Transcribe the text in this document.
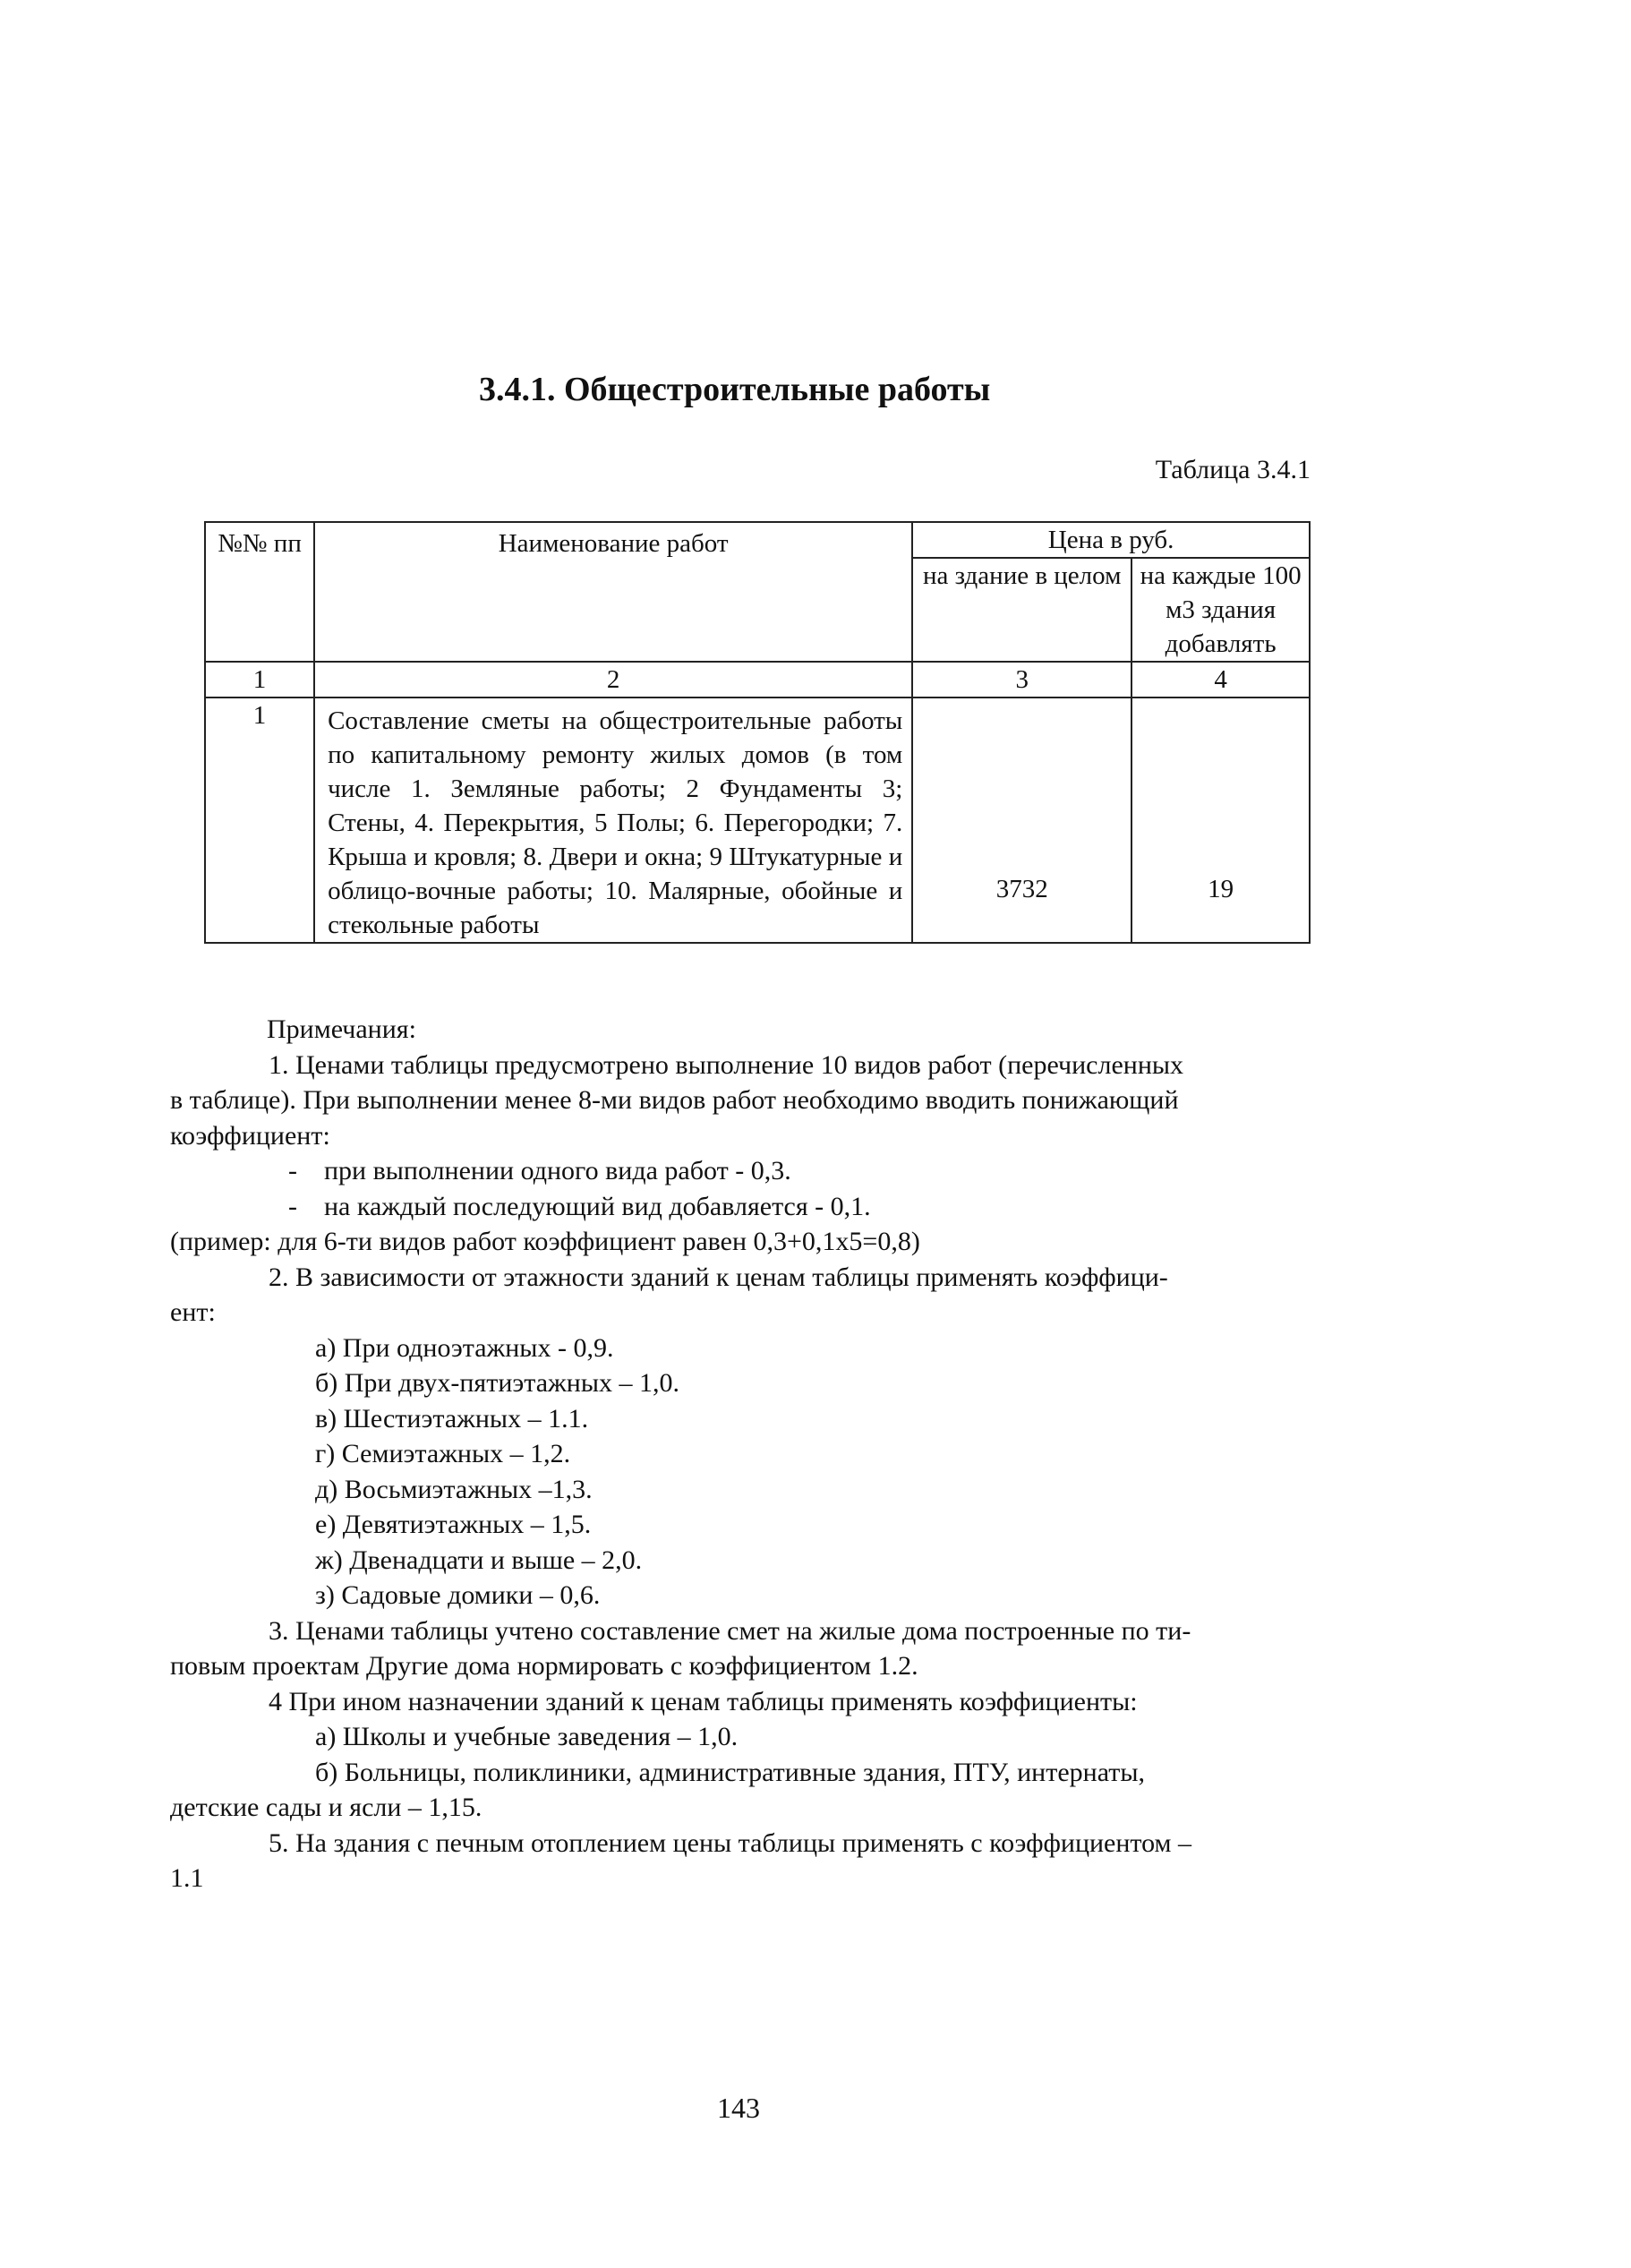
3.4.1. Общестроительные работы
Таблица 3.4.1
№№ пп	Наименование работ	Цена в руб.	
		на здание в целом	на каждые 100 м3 здания добавлять
1	2	3	4
1	Составление сметы на общестроительные работы по капитальному ремонту жилых домов (в том числе 1. Земляные работы; 2 Фундаменты 3; Стены, 4. Перекрытия, 5 Полы; 6. Перегородки; 7. Крыша и кровля; 8. Двери и окна; 9 Штукатурные и облицо-вочные работы; 10. Малярные, обойные и стекольные работы	3732	19

Примечания:

1. Ценами таблицы предусмотрено выполнение 10 видов работ (перечисленных

в таблице). При выполнении менее 8-ми видов работ необходимо вводить понижающий

коэффициент:

- при выполнении одного вида работ - 0,3.

- на каждый последующий вид добавляется - 0,1.

(пример: для 6-ти видов работ коэффициент равен 0,3+0,1x5=0,8)

2. В зависимости от этажности зданий к ценам таблицы применять коэффици-

ент:

а) При одноэтажных - 0,9.

б) При двух-пятиэтажных – 1,0.

в) Шестиэтажных – 1.1.

г) Семиэтажных – 1,2.

д) Восьмиэтажных –1,3.

е) Девятиэтажных – 1,5.

ж) Двенадцати и выше – 2,0.

з) Садовые домики – 0,6.

3. Ценами таблицы учтено составление смет на жилые дома построенные по ти-

повым проектам Другие дома нормировать с коэффициентом 1.2.

4 При ином назначении зданий к ценам таблицы применять коэффициенты:

а) Школы и учебные заведения – 1,0.

б) Больницы, поликлиники, административные здания, ПТУ, интернаты,

детские сады и ясли – 1,15.

5. На здания с печным отоплением цены таблицы применять с коэффициентом –

1.1

143
